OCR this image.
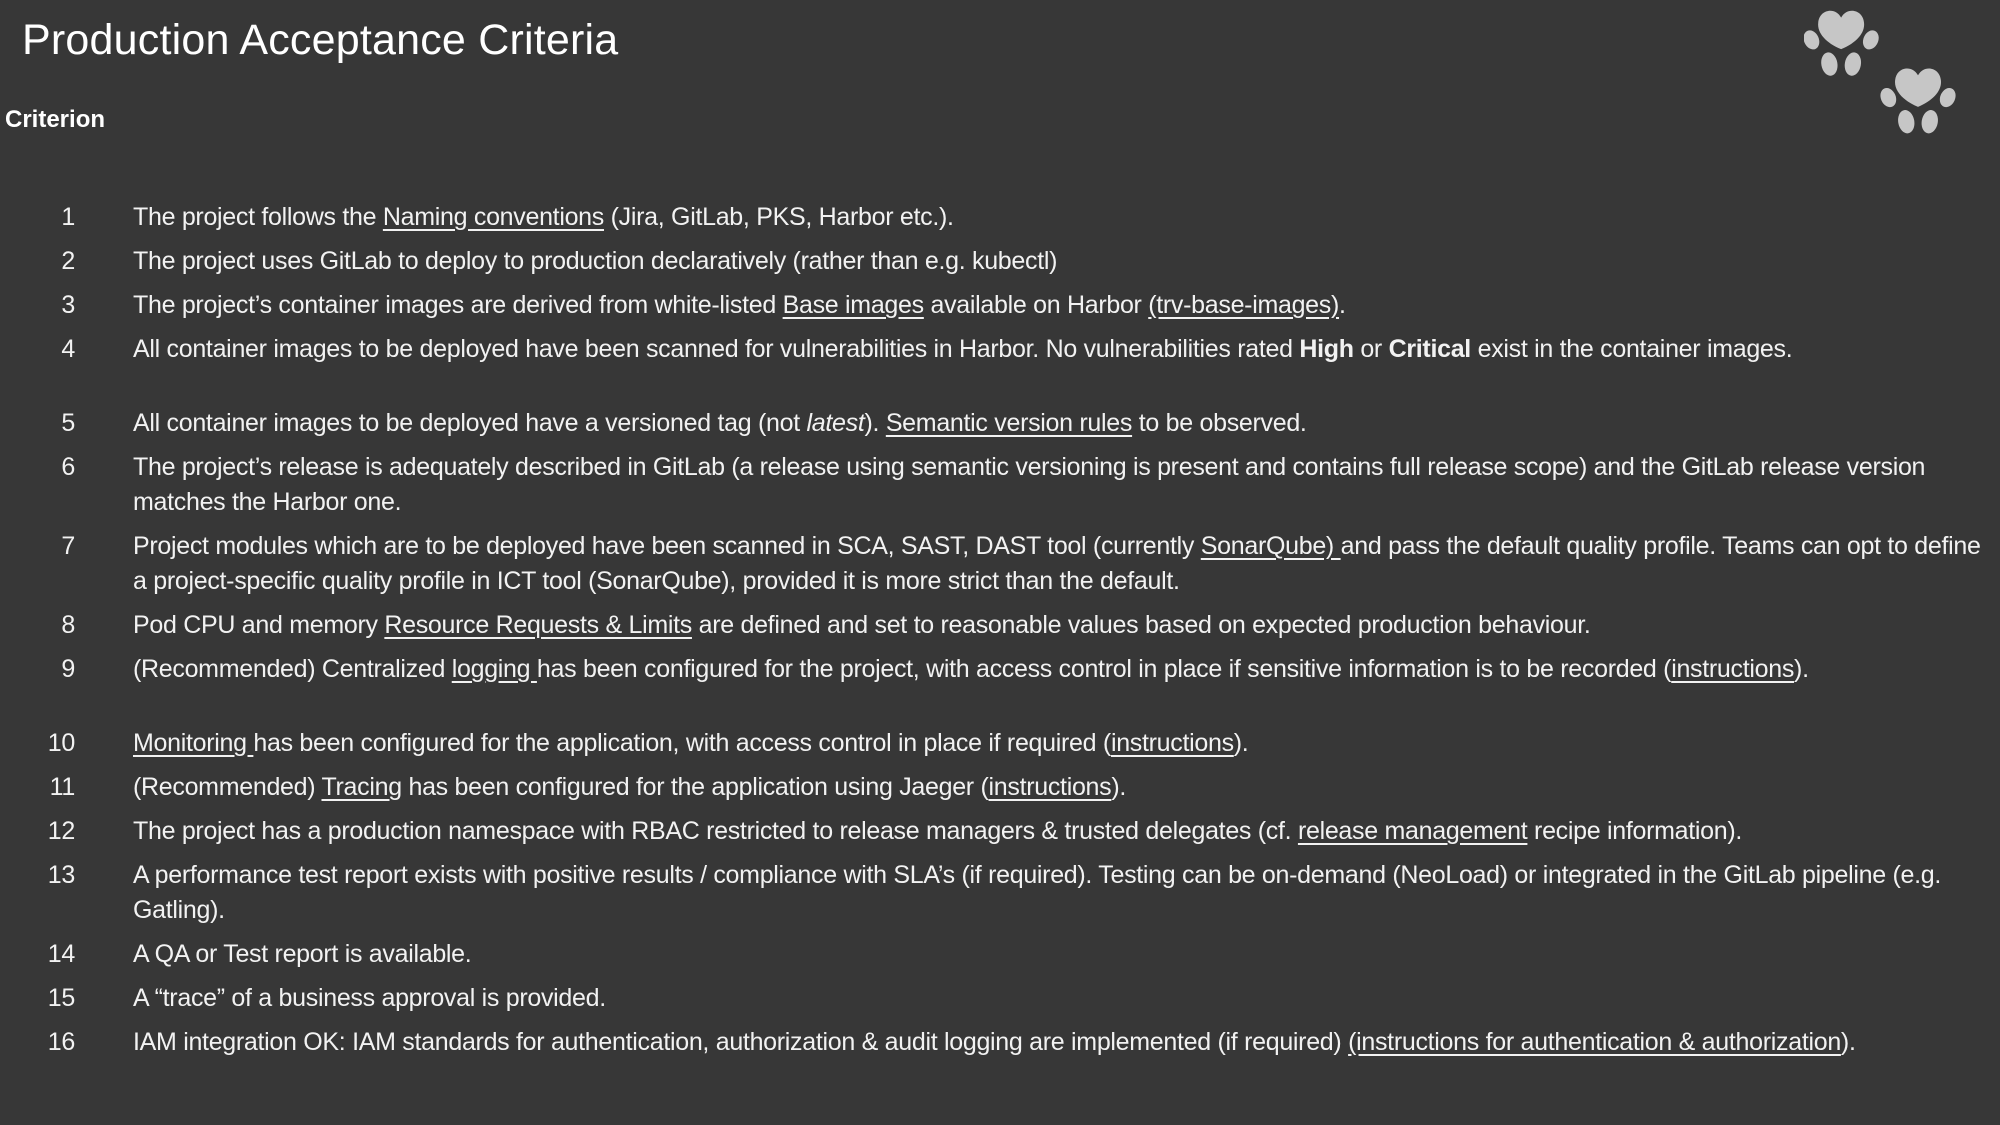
Production Acceptance Criteria
Criterion
1 The project follows the Naming conventions (Jira, GitLab, PKS, Harbor etc.).
2 The project uses GitLab to deploy to production declaratively (rather than e.g. kubectl)
3 The project’s container images are derived from white-listed Base images available on Harbor (trv-base-images).
4 All container images to be deployed have been scanned for vulnerabilities in Harbor. No vulnerabilities rated High or Critical exist in the container images.
5 All container images to be deployed have a versioned tag (not latest). Semantic version rules to be observed.
6 The project’s release is adequately described in GitLab (a release using semantic versioning is present and contains full release scope) and the GitLab release version matches the Harbor one.
7 Project modules which are to be deployed have been scanned in SCA, SAST, DAST tool (currently SonarQube) and pass the default quality profile. Teams can opt to define a project-specific quality profile in ICT tool (SonarQube), provided it is more strict than the default.
8 Pod CPU and memory Resource Requests & Limits are defined and set to reasonable values based on expected production behaviour.
9 (Recommended) Centralized logging has been configured for the project, with access control in place if sensitive information is to be recorded (instructions).
10 Monitoring has been configured for the application, with access control in place if required (instructions).
11 (Recommended) Tracing has been configured for the application using Jaeger (instructions).
12 The project has a production namespace with RBAC restricted to release managers & trusted delegates (cf. release management recipe information).
13 A performance test report exists with positive results / compliance with SLA’s (if required). Testing can be on-demand (NeoLoad) or integrated in the GitLab pipeline (e.g. Gatling).
14 A QA or Test report is available.
15 A “trace” of a business approval is provided.
16 IAM integration OK: IAM standards for authentication, authorization & audit logging are implemented (if required) (instructions for authentication & authorization).
